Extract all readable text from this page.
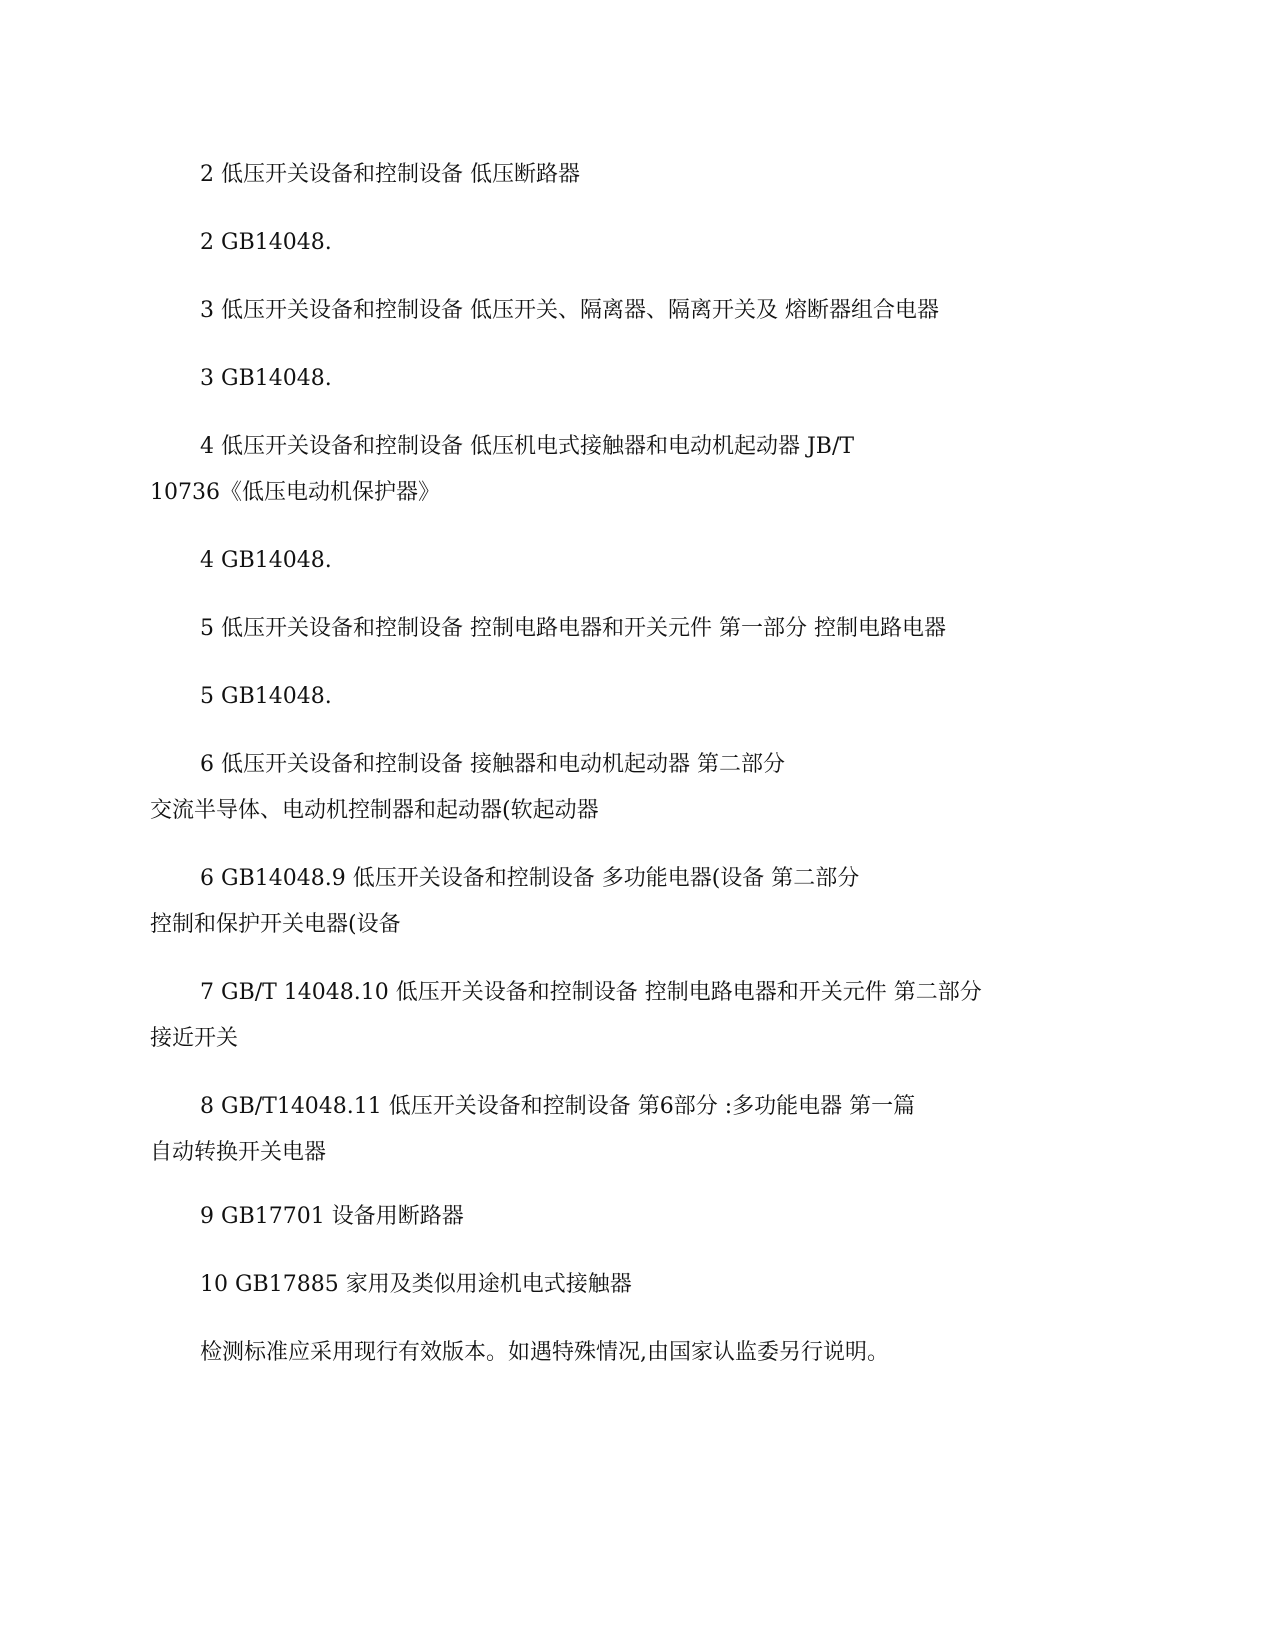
2 低压开关设备和控制设备 低压断路器

2 GB14048.

3 低压开关设备和控制设备 低压开关、隔离器、隔离开关及 熔断器组合电器

3 GB14048.

4 低压开关设备和控制设备 低压机电式接触器和电动机起动器 JB/T
10736《低压电动机保护器》

4 GB14048.

5 低压开关设备和控制设备 控制电路电器和开关元件 第一部分 控制电路电器

5 GB14048.

6 低压开关设备和控制设备 接触器和电动机起动器 第二部分
交流半导体、电动机控制器和起动器(软起动器

6 GB14048.9 低压开关设备和控制设备 多功能电器(设备 第二部分
控制和保护开关电器(设备

7 GB/T 14048.10 低压开关设备和控制设备 控制电路电器和开关元件 第二部分
接近开关

8 GB/T14048.11 低压开关设备和控制设备 第6部分 :多功能电器 第一篇
自动转换开关电器

9 GB17701 设备用断路器

10 GB17885 家用及类似用途机电式接触器

检测标准应采用现行有效版本。如遇特殊情况,由国家认监委另行说明。
